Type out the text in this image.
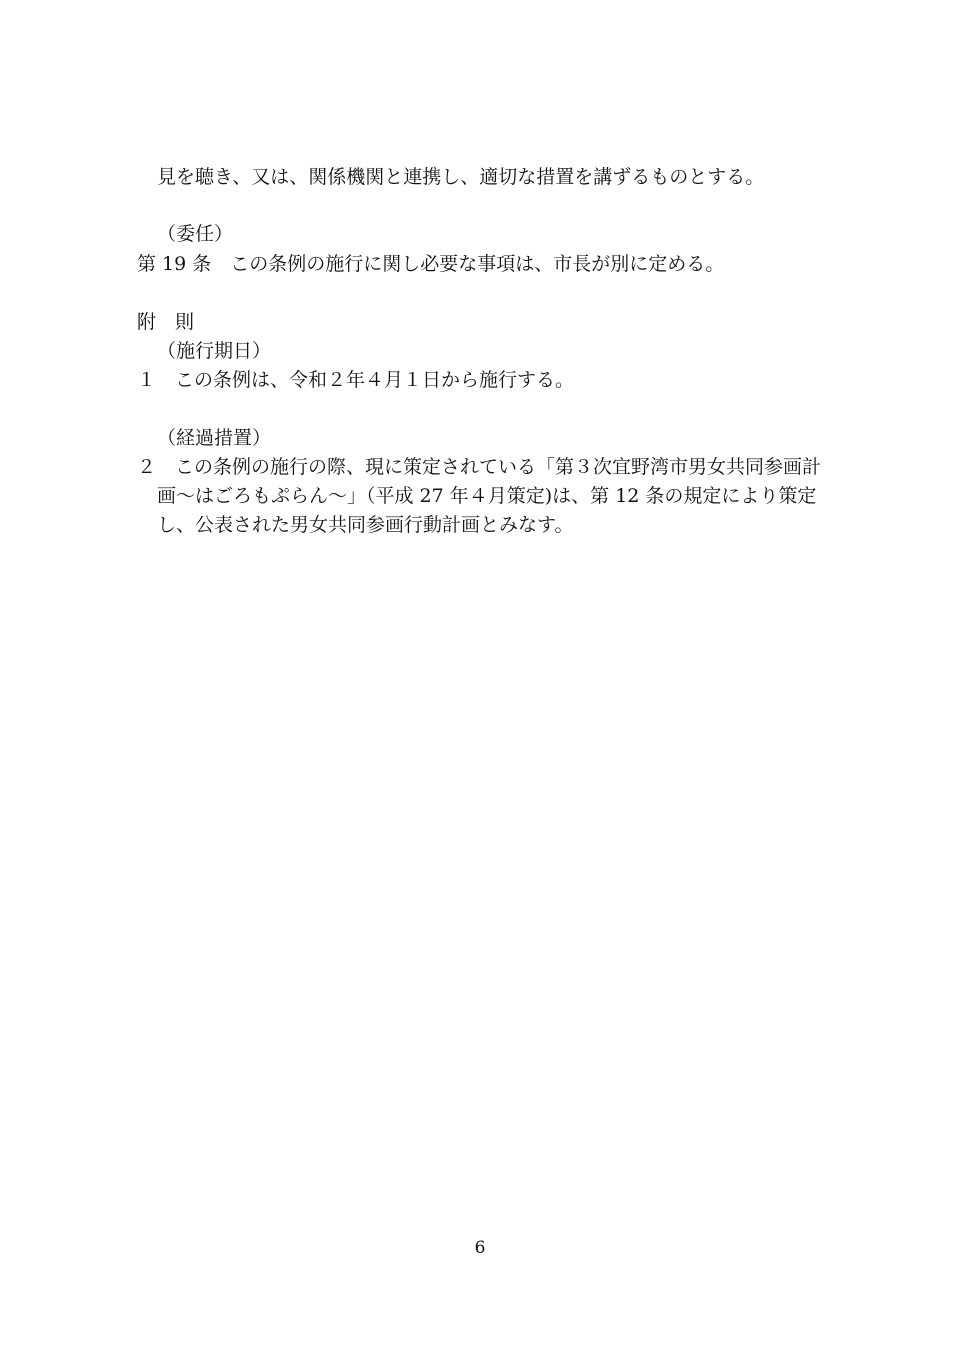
見を聴き、又は、関係機関と連携し、適切な措置を講ずるものとする。
（委任）
第 19 条　この条例の施行に関し必要な事項は、市長が別に定める。
附　則
（施行期日）
１　この条例は、令和２年４月１日から施行する。
（経過措置）
２　この条例の施行の際、現に策定されている「第３次宜野湾市男女共同参画計
画～はごろもぷらん～」（平成 27 年４月策定)は、第 12 条の規定により策定
し、公表された男女共同参画行動計画とみなす。
6
